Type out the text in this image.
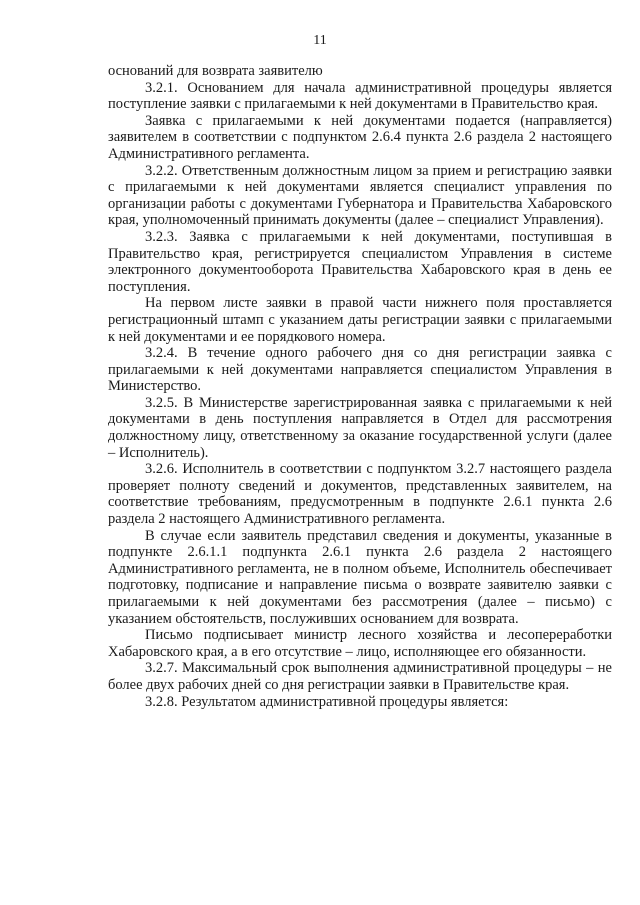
11

оснований для возврата заявителю

3.2.1. Основанием для начала административной процедуры является поступление заявки с прилагаемыми к ней документами в Правительство края.

Заявка с прилагаемыми к ней документами подается (направляется) заявителем в соответствии с подпунктом 2.6.4 пункта 2.6 раздела 2 настоящего Административного регламента.

3.2.2. Ответственным должностным лицом за прием и регистрацию заявки с прилагаемыми к ней документами является специалист управления по организации работы с документами Губернатора и Правительства Хабаровского края, уполномоченный принимать документы (далее – специалист Управления).

3.2.3. Заявка с прилагаемыми к ней документами, поступившая в Правительство края, регистрируется специалистом Управления в системе электронного документооборота Правительства Хабаровского края в день ее поступления.

На первом листе заявки в правой части нижнего поля проставляется регистрационный штамп с указанием даты регистрации заявки с прилагаемыми к ней документами и ее порядкового номера.

3.2.4. В течение одного рабочего дня со дня регистрации заявка с прилагаемыми к ней документами направляется специалистом Управления в Министерство.

3.2.5. В Министерстве зарегистрированная заявка с прилагаемыми к ней документами в день поступления направляется в Отдел для рассмотрения должностному лицу, ответственному за оказание государственной услуги (далее – Исполнитель).

3.2.6. Исполнитель в соответствии с подпунктом 3.2.7 настоящего раздела проверяет полноту сведений и документов, представленных заявителем, на соответствие требованиям, предусмотренным в подпункте 2.6.1 пункта 2.6 раздела 2 настоящего Административного регламента.

В случае если заявитель представил сведения и документы, указанные в подпункте 2.6.1.1 подпункта 2.6.1 пункта 2.6 раздела 2 настоящего Административного регламента, не в полном объеме, Исполнитель обеспечивает подготовку, подписание и направление письма о возврате заявителю заявки с прилагаемыми к ней документами без рассмотрения (далее – письмо) с указанием обстоятельств, послуживших основанием для возврата.

Письмо подписывает министр лесного хозяйства и лесопереработки Хабаровского края, а в его отсутствие – лицо, исполняющее его обязанности.

3.2.7. Максимальный срок выполнения административной процедуры – не более двух рабочих дней со дня регистрации заявки в Правительстве края.

3.2.8. Результатом административной процедуры является:
